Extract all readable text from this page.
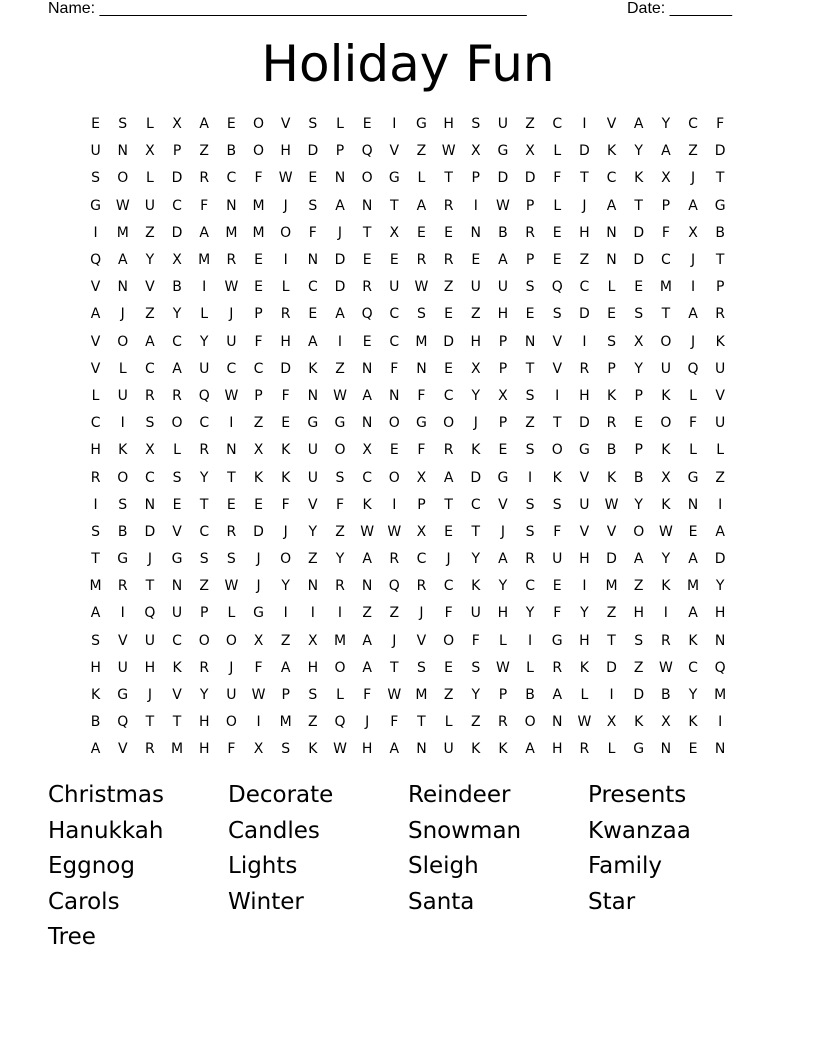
Name: ________________________________________________	Date: _______
Holiday Fun
E	S	L	X	A	E	O	V	S	L	E	I	G	H	S	U	Z	C	I	V	A	Y	C	F
U	N	X	P	Z	B	O	H	D	P	Q	V	Z	W	X	G	X	L	D	K	Y	A	Z	D
S	O	L	D	R	C	F	W	E	N	O	G	L	T	P	D	D	F	T	C	K	X	J	T
G	W	U	C	F	N	M	J	S	A	N	T	A	R	I	W	P	L	J	A	T	P	A	G
I	M	Z	D	A	M	M	O	F	J	T	X	E	E	N	B	R	E	H	N	D	F	X	B
Q	A	Y	X	M	R	E	I	N	D	E	E	R	R	E	A	P	E	Z	N	D	C	J	T
V	N	V	B	I	W	E	L	C	D	R	U	W	Z	U	U	S	Q	C	L	E	M	I	P
A	J	Z	Y	L	J	P	R	E	A	Q	C	S	E	Z	H	E	S	D	E	S	T	A	R
V	O	A	C	Y	U	F	H	A	I	E	C	M	D	H	P	N	V	I	S	X	O	J	K
V	L	C	A	U	C	C	D	K	Z	N	F	N	E	X	P	T	V	R	P	Y	U	Q	U
L	U	R	R	Q	W	P	F	N	W	A	N	F	C	Y	X	S	I	H	K	P	K	L	V
C	I	S	O	C	I	Z	E	G	G	N	O	G	O	J	P	Z	T	D	R	E	O	F	U
H	K	X	L	R	N	X	K	U	O	X	E	F	R	K	E	S	O	G	B	P	K	L	L
R	O	C	S	Y	T	K	K	U	S	C	O	X	A	D	G	I	K	V	K	B	X	G	Z
I	S	N	E	T	E	E	F	V	F	K	I	P	T	C	V	S	S	U	W	Y	K	N	I
S	B	D	V	C	R	D	J	Y	Z	W W	X	E	T	J	S	F	V	V	O	W	E	A
T	G	J	G	S	S	J	O	Z	Y	A	R	C	J	Y	A	R	U	H	D	A	Y	A	D
M	R	T	N	Z	W	J	Y	N	R	N	Q	R	C	K	Y	C	E	I	M	Z	K	M	Y
A	I	Q	U	P	L	G	I	I	I	Z	Z	J	F	U	H	Y	F	Y	Z	H	I	A	H
S	V	U	C	O	O	X	Z	X	M	A	J	V	O	F	L	I	G	H	T	S	R	K	N
H	U	H	K	R	J	F	A	H	O	A	T	S	E	S	W	L	R	K	D	Z	W	C	Q
K	G	J	V	Y	U	W	P	S	L	F	W	M	Z	Y	P	B	A	L	I	D	B	Y	M
B	Q	T	T	H	O	I	M	Z	Q	J	F	T	L	Z	R	O	N	W	X	K	X	K	I
A	V	R	M	H	F	X	S	K	W	H	A	N	U	K	K	A	H	R	L	G	N	E	N
Christmas	Decorate	Reindeer	Presents
Hanukkah	Candles	Snowman	Kwanzaa
Eggnog	Lights	Sleigh	Family
Carols	Winter	Santa	Star
Tree
